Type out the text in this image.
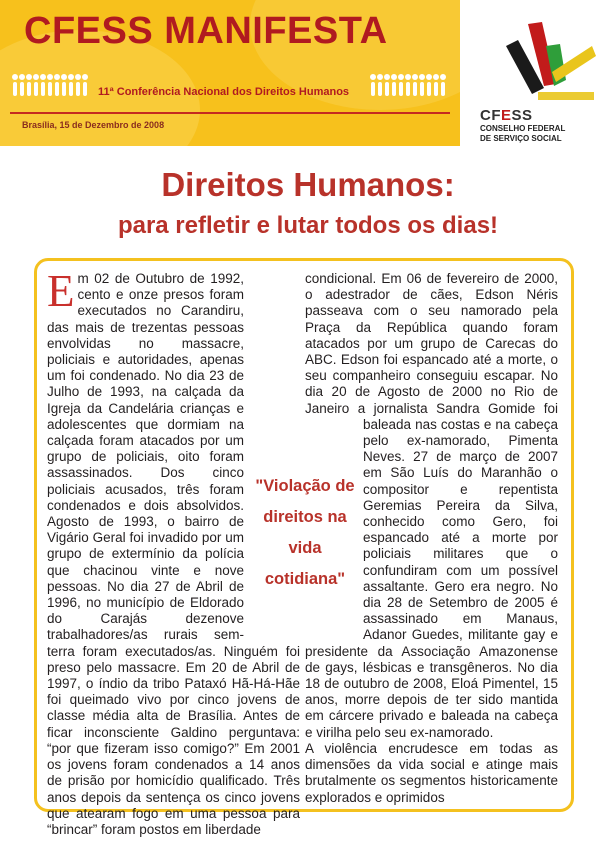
CFESS MANIFESTA
11ª Conferência Nacional dos Direitos Humanos
Brasília, 15 de Dezembro de 2008
CFESS
CONSELHO FEDERAL
DE SERVIÇO SOCIAL
Direitos Humanos:
para refletir e lutar todos os dias!
E m 02 de Outubro de 1992, cento e onze presos foram executados no Carandiru, das mais de trezentas pessoas envolvidas no massacre, policiais e autoridades, apenas um foi condenado. No dia 23 de Julho de 1993, na calçada da Igreja da Candelária crianças e adolescentes que dormiam na calçada foram atacados por um grupo de policiais, oito foram assassinados. Dos cinco policiais acusados, três foram condenados e dois absolvidos. Agosto de 1993, o bairro de Vigário Geral foi invadido por um grupo de extermínio da polícia que chacinou vinte e nove pessoas. No dia 27 de Abril de 1996, no município de Eldorado do Carajás dezenove trabalhadores/as rurais sem-terra foram executados/as. Ninguém foi preso pelo massacre. Em 20 de Abril de 1997, o índio da tribo Pataxó Hã-Há-Hãe foi queimado vivo por cinco jovens de classe média alta de Brasília. Antes de ficar inconsciente Galdino perguntava: “por que fizeram isso comigo?” Em 2001 os jovens foram condenados a 14 anos de prisão por homicídio qualificado. Três anos depois da sentença os cinco jovens que atearam fogo em uma pessoa para “brincar” foram postos em liberdade

condicional. Em 06 de fevereiro de 2000, o adestrador de cães, Edson Néris passeava com o seu namorado pela Praça da República quando foram atacados por um grupo de Carecas do ABC. Edson foi espancado até a morte, o seu companheiro conseguiu escapar. No dia 20 de Agosto de 2000 no Rio de Janeiro a jornalista Sandra Gomide foi baleada nas costas e na cabeça pelo ex-namorado, Pimenta Neves. 27 de março de 2007 em São Luís do Maranhão o compositor e repentista Geremias Pereira da Silva, conhecido como Gero, foi espancado até a morte por policiais militares que o confundiram com um possível assaltante. Gero era negro. No dia 28 de Setembro de 2005 é assassinado em Manaus, Adanor Guedes, militante gay e presidente da Associação Amazonense de gays, lésbicas e transgêneros. No dia 18 de outubro de 2008, Eloá Pimentel, 15 anos, morre depois de ter sido mantida em cárcere privado e baleada na cabeça e virilha pelo seu ex-namorado.

A violência encrudesce em todas as dimensões da vida social e atinge mais brutalmente os segmentos historicamente explorados e oprimidos

"Violação de direitos na vida cotidiana"
